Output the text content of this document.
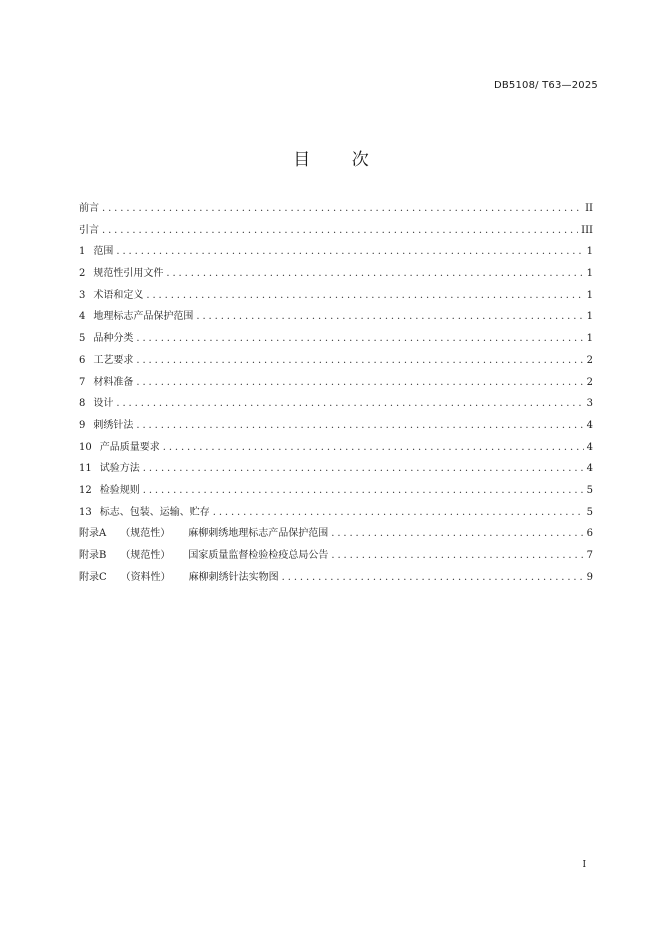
DB5108/ T63—2025
目 次
前言 .....	II
引言 .....	III
1 范围 .....	1
2 规范性引用文件 .....	1
3 术语和定义 .....	1
4 地理标志产品保护范围 .....	1
5 品种分类 .....	1
6 工艺要求 .....	2
7 材料准备 .....	2
8 设计 .....	3
9 刺绣针法 .....	4
10 产品质量要求 .....	4
11 试验方法 .....	4
12 检验规则 .....	5
13 标志、包装、运输、贮存 .....	5
附录A （规范性） 麻柳刺绣地理标志产品保护范围 .....	6
附录B （规范性） 国家质量监督检验检疫总局公告 .....	7
附录C （资料性） 麻柳刺绣针法实物图 .....	9
I
